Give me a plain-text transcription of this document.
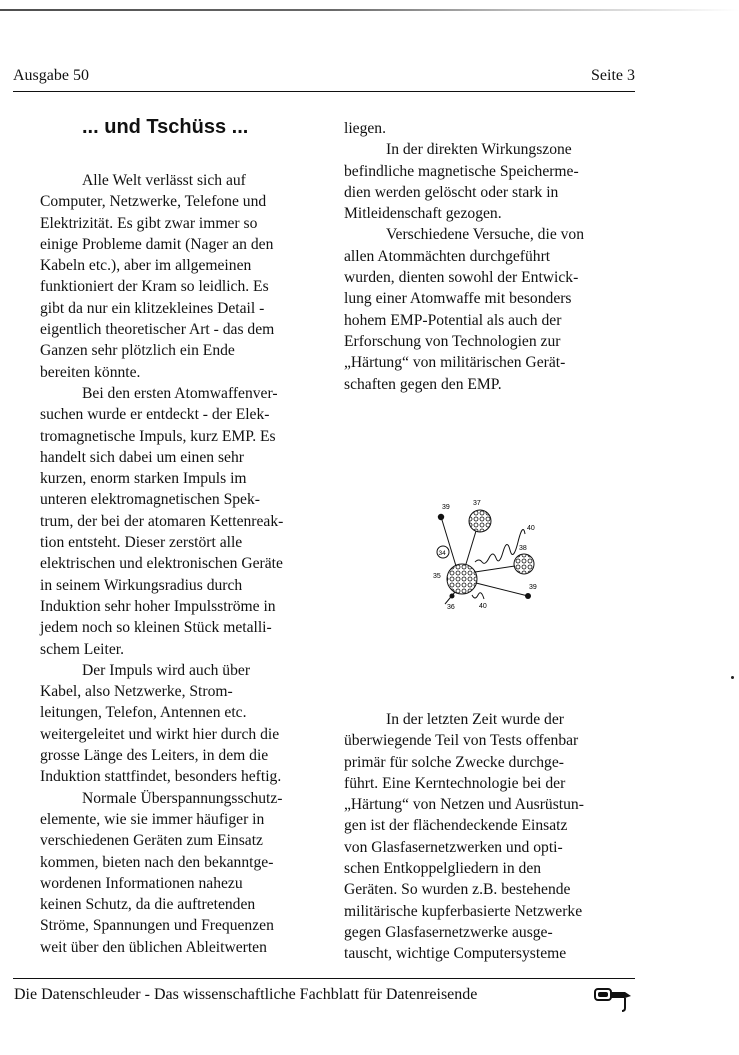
Ausgabe 50	Seite 3
... und Tschüss ...
Alle Welt verlässt sich auf
Computer, Netzwerke, Telefone und
Elektrizität. Es gibt zwar immer so
einige Probleme damit (Nager an den
Kabeln etc.), aber im allgemeinen
funktioniert der Kram so leidlich. Es
gibt da nur ein klitzekleines Detail -
eigentlich theoretischer Art - das dem
Ganzen sehr plötzlich ein Ende
bereiten könnte.
Bei den ersten Atomwaffenver-
suchen wurde er entdeckt - der Elek-
tromagnetische Impuls, kurz EMP. Es
handelt sich dabei um einen sehr
kurzen, enorm starken Impuls im
unteren elektromagnetischen Spek-
trum, der bei der atomaren Kettenreak-
tion entsteht. Dieser zerstört alle
elektrischen und elektronischen Geräte
in seinem Wirkungsradius durch
Induktion sehr hoher Impulsströme in
jedem noch so kleinen Stück metalli-
schem Leiter.
Der Impuls wird auch über
Kabel, also Netzwerke, Strom-
leitungen, Telefon, Antennen etc.
weitergeleitet und wirkt hier durch die
grosse Länge des Leiters, in dem die
Induktion stattfindet, besonders heftig.
Normale Überspannungsschutz-
elemente, wie sie immer häufiger in
verschiedenen Geräten zum Einsatz
kommen, bieten nach den bekanntge-
wordenen Informationen nahezu
keinen Schutz, da die auftretenden
Ströme, Spannungen und Frequenzen
weit über den üblichen Ableitwerten
liegen.
In der direkten Wirkungszone
befindliche magnetische Speicherme-
dien werden gelöscht oder stark in
Mitleidenschaft gezogen.
Verschiedene Versuche, die von
allen Atommächten durchgeführt
wurden, dienten sowohl der Entwick-
lung einer Atomwaffe mit besonders
hohem EMP-Potential als auch der
Erforschung von Technologien zur
„Härtung“ von militärischen Gerät-
schaften gegen den EMP.
In der letzten Zeit wurde der
überwiegende Teil von Tests offenbar
primär für solche Zwecke durchge-
führt. Eine Kerntechnologie bei der
„Härtung“ von Netzen und Ausrüstun-
gen ist der flächendeckende Einsatz
von Glasfasernetzwerken und opti-
schen Entkoppelgliedern in den
Geräten. So wurden z.B. bestehende
militärische kupferbasierte Netzwerke
gegen Glasfasernetzwerke ausge-
tauscht, wichtige Computersysteme
39
37
38
35
34
39
40
36	40
Die Datenschleuder - Das wissenschaftliche Fachblatt für Datenreisende
